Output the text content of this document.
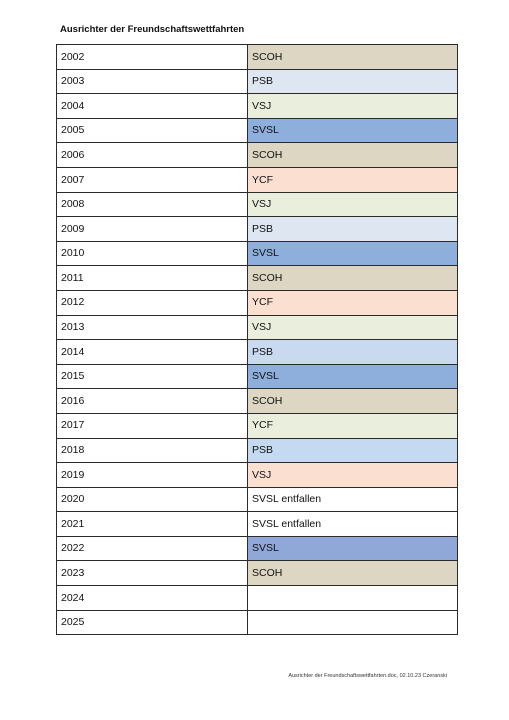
Ausrichter der Freundschaftswettfahrten
2002	SCOH
2003	PSB
2004	VSJ
2005	SVSL
2006	SCOH
2007	YCF
2008	VSJ
2009	PSB
2010	SVSL
2011	SCOH
2012	YCF
2013	VSJ
2014	PSB
2015	SVSL
2016	SCOH
2017	YCF
2018	PSB
2019	VSJ
2020	SVSL entfallen
2021	SVSL entfallen
2022	SVSL
2023	SCOH
2024	
2025	
Ausrichter der Freundschaftswettfahrten.doc, 02.10.23 Czeranski
